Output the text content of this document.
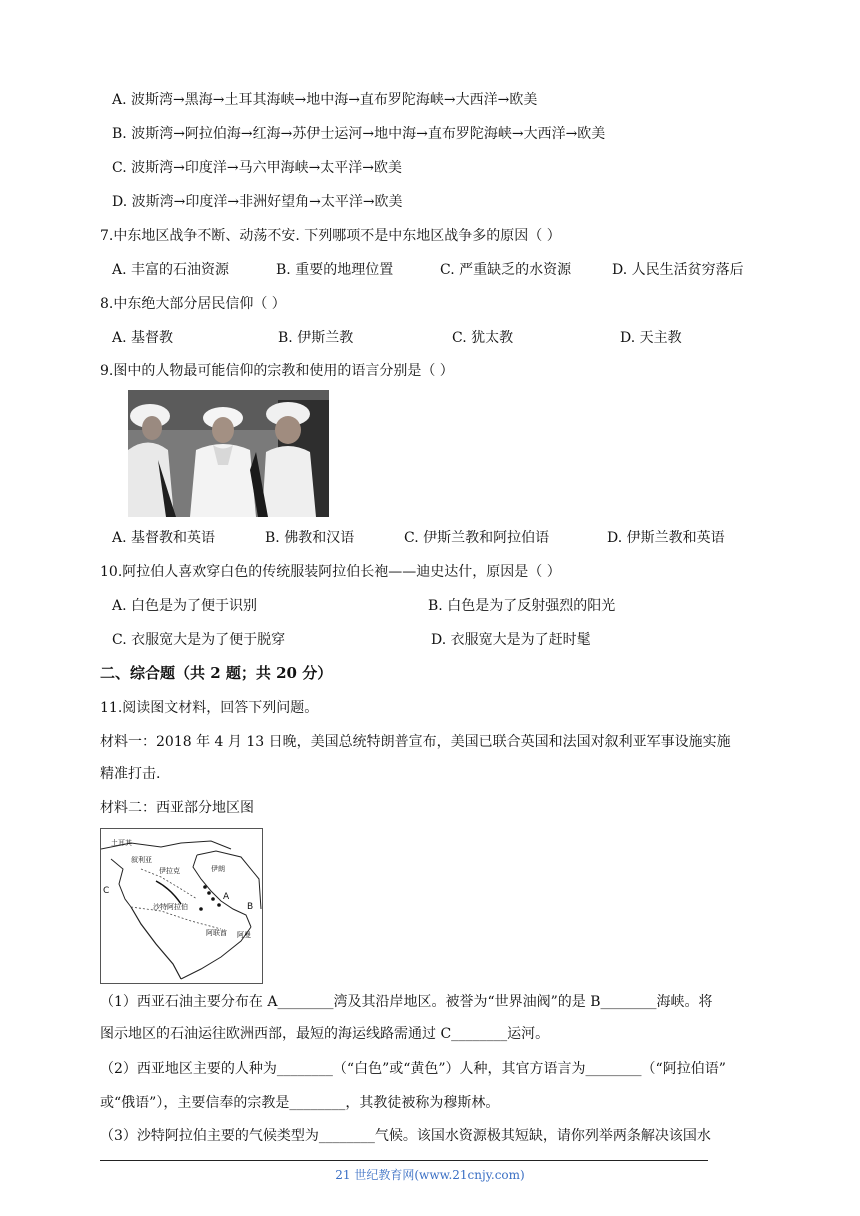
A. 波斯湾→黑海→土耳其海峡→地中海→直布罗陀海峡→大西洋→欧美
B. 波斯湾→阿拉伯海→红海→苏伊士运河→地中海→直布罗陀海峡→大西洋→欧美
C. 波斯湾→印度洋→马六甲海峡→太平洋→欧美
D. 波斯湾→印度洋→非洲好望角→太平洋→欧美
7.中东地区战争不断、动荡不安. 下列哪项不是中东地区战争多的原因（ ）
A. 丰富的石油资源	B. 重要的地理位置	C. 严重缺乏的水资源	D. 人民生活贫穷落后
8.中东绝大部分居民信仰（ ）
A. 基督教	B. 伊斯兰教	C. 犹太教	D. 天主教
9.图中的人物最可能信仰的宗教和使用的语言分别是（ ）
A. 基督教和英语	B. 佛教和汉语	C. 伊斯兰教和阿拉伯语	D. 伊斯兰教和英语
10.阿拉伯人喜欢穿白色的传统服装阿拉伯长袍——迪史达什，原因是（ ）
A. 白色是为了便于识别	B. 白色是为了反射强烈的阳光
C. 衣服宽大是为了便于脱穿	D. 衣服宽大是为了赶时髦
二、综合题（共 2 题；共 20 分）
11.阅读图文材料，回答下列问题。
材料一：2018 年 4 月 13 日晚，美国总统特朗普宣布，美国已联合英国和法国对叙利亚军事设施实施
精准打击.
材料二：西亚部分地区图
土耳其
叙利亚
伊拉克	伊朗
沙特阿拉伯
阿联酋 阿曼
A
B
C
（1）西亚石油主要分布在 A________湾及其沿岸地区。被誉为“世界油阀”的是 B________海峡。将
图示地区的石油运往欧洲西部，最短的海运线路需通过 C________运河。
（2）西亚地区主要的人种为________（“白色”或“黄色”）人种，其官方语言为________（“阿拉伯语”
或“俄语”），主要信奉的宗教是________，其教徒被称为穆斯林。
（3）沙特阿拉伯主要的气候类型为________气候。该国水资源极其短缺，请你列举两条解决该国水
21 世纪教育网(www.21cnjy.com)
